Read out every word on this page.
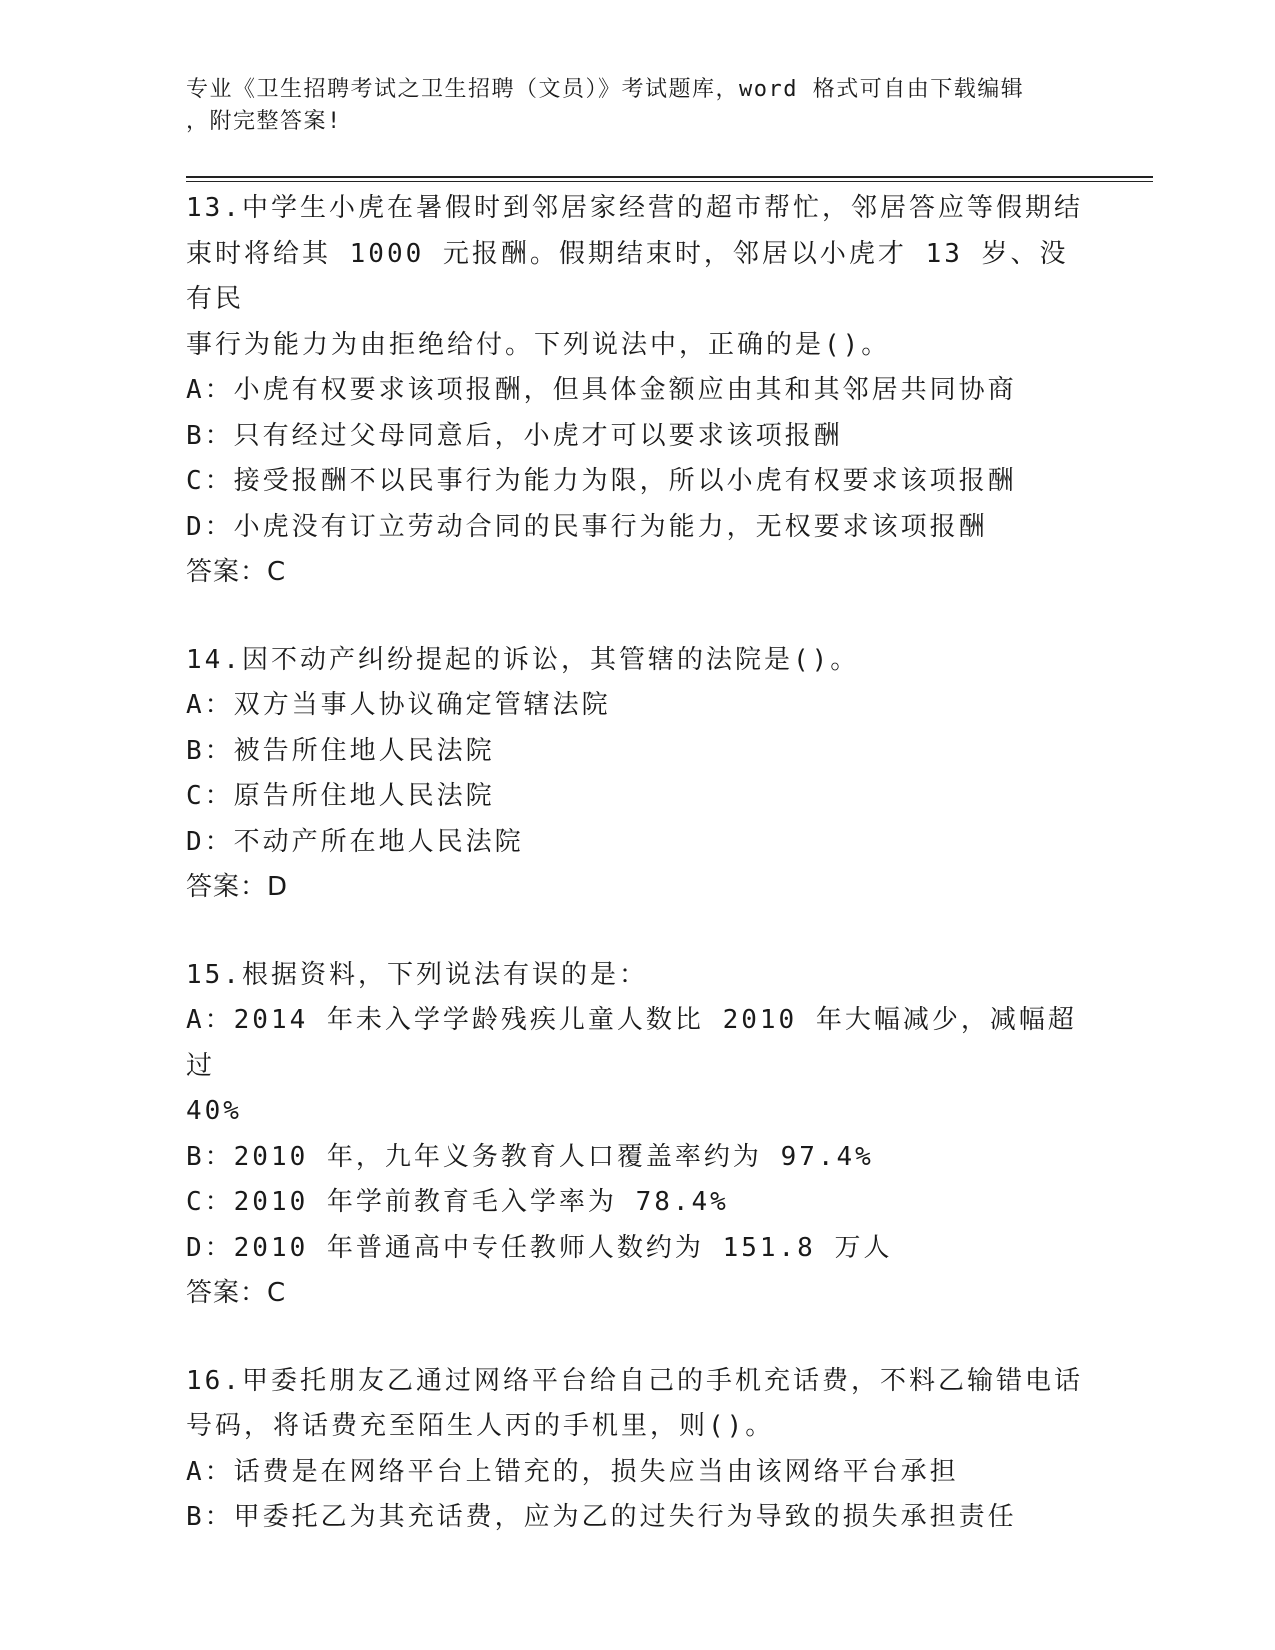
专业《卫生招聘考试之卫生招聘（文员）》考试题库，word 格式可自由下载编辑
，附完整答案!
13.中学生小虎在暑假时到邻居家经营的超市帮忙，邻居答应等假期结
束时将给其 1000 元报酬。假期结束时，邻居以小虎才 13 岁、没有民
事行为能力为由拒绝给付。下列说法中，正确的是()。
A：小虎有权要求该项报酬，但具体金额应由其和其邻居共同协商
B：只有经过父母同意后，小虎才可以要求该项报酬
C：接受报酬不以民事行为能力为限，所以小虎有权要求该项报酬
D：小虎没有订立劳动合同的民事行为能力，无权要求该项报酬
答案：C
14.因不动产纠纷提起的诉讼，其管辖的法院是()。
A：双方当事人协议确定管辖法院
B：被告所住地人民法院
C：原告所住地人民法院
D：不动产所在地人民法院
答案：D
15.根据资料，下列说法有误的是：
A：2014 年未入学学龄残疾儿童人数比 2010 年大幅减少，减幅超过
40%
B：2010 年，九年义务教育人口覆盖率约为 97.4%
C：2010 年学前教育毛入学率为 78.4%
D：2010 年普通高中专任教师人数约为 151.8 万人
答案：C
16.甲委托朋友乙通过网络平台给自己的手机充话费，不料乙输错电话
号码，将话费充至陌生人丙的手机里，则()。
A：话费是在网络平台上错充的，损失应当由该网络平台承担
B：甲委托乙为其充话费，应为乙的过失行为导致的损失承担责任
